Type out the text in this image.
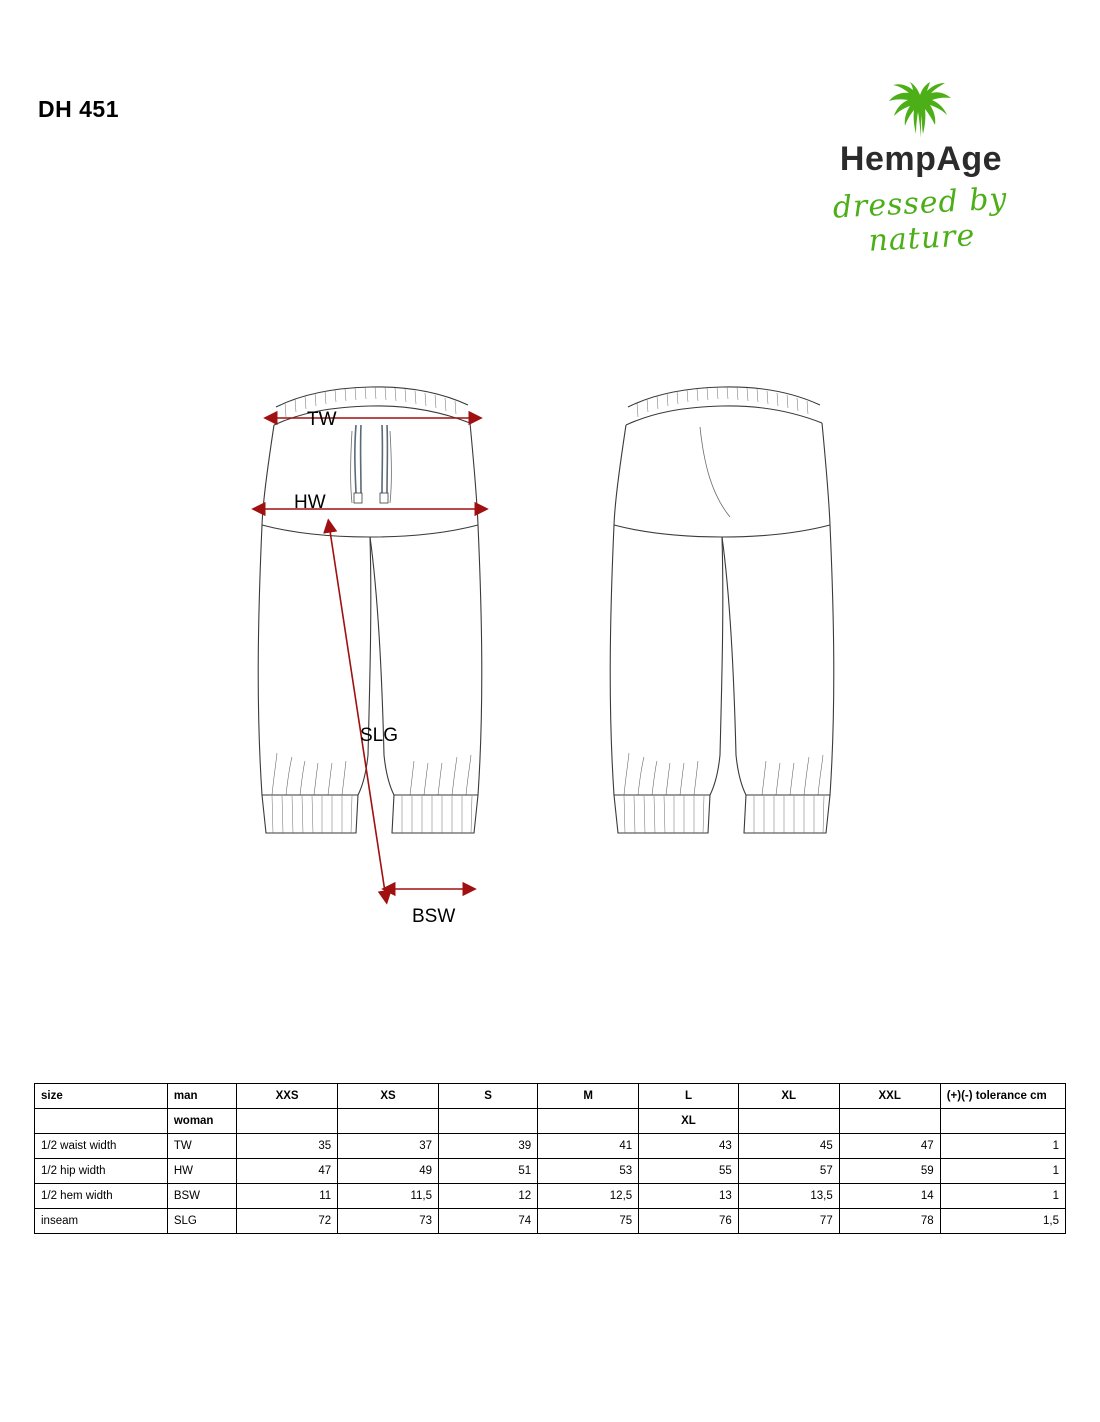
DH 451
HempAge
dressed by nature
TW
HW
SLG
BSW
size	man	XXS	XS	S	M	L	XL	XXL	(+)(-) tolerance cm
	woman					XL			
1/2 waist width	TW	35	37	39	41	43	45	47	1
1/2 hip width	HW	47	49	51	53	55	57	59	1
1/2 hem width	BSW	11	11,5	12	12,5	13	13,5	14	1
inseam	SLG	72	73	74	75	76	77	78	1,5
